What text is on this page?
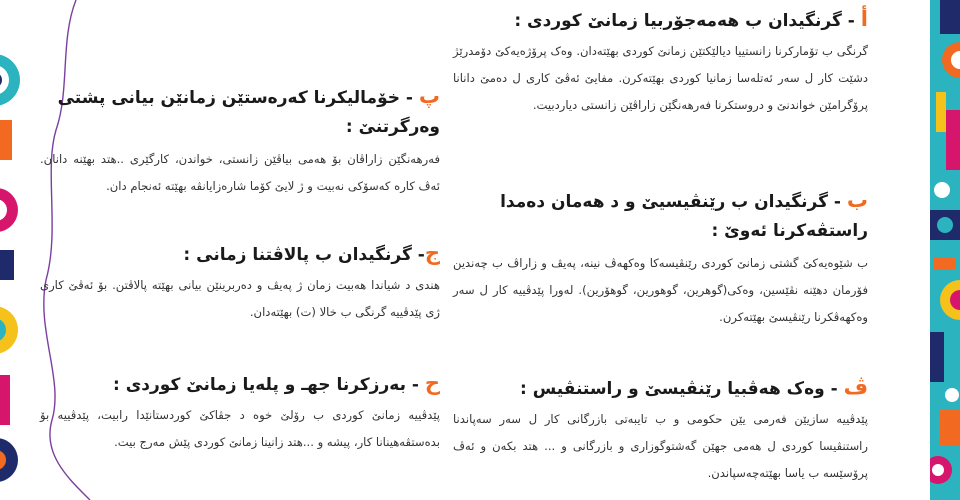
أ - گرنگیدان ب هەمەجۆربیا زمانێ کوردی :
گرنگی ب تۆمارکرنا زانستییا دیالێکتێن زمانێ کوردی بهێتەدان. وەک پرۆژەیەکێ دۆمدرێژ دشێت کار ل سەر ئەتلەسا زمانیا کوردی بهێتەکرن. مفایێ ئەڤێ کاری ل دەمێ دانانا پرۆگرامێن خواندنێ و دروستکرنا فەرهەنگێن زاراڤێن زانستی دیاردبیت.
ب - گرنگیدان ب رێنڤیسیێ و د هەمان دەمدا راستڤەکرنا ئەوێ :
ب شێوەیەکێ گشتی زمانێ کوردی رێنڤیسەکا وەکهەڤ نینە، پەیڤ و زاراڤ ب چەندین فۆرمان دهێنە نڤێسین، وەکی(گوهرین، گوهورین، گوهۆرین). لەورا پێدڤییە کار ل سەر وەکهەڤکرنا رێنڤیسێ بهێتەکرن.
ڤ - وەک هەڤبیا رێنڤیسێ و راستنڤیس :
پێدڤییە سازیێن فەرمی یێن حکومی و ب تایبەتی بازرگانی کار ل سەر سەپاندنا راستنڤیسا کوردی ل هەمی جهێن گەشتوگوزاری و بازرگانی و ... هتد بکەن و ئەڤ پرۆسێسە ب یاسا بهێتەچەسپاندن.
پ - خۆمالیکرنا کەرەستێن زمانێن بیانی پشتی وەرگرتنێ :
فەرهەنگێن زاراڤان بۆ هەمی بیاڤێن زانستی، خواندن، کارگێری ..هتد بهێنە دانان. ئەڤ کارە کەسۆکی نەبیت و ژ لایێ کۆما شارەزایانڤە بهێتە ئەنجام دان.
ج- گرنگیدان ب پالاڤتنا زمانی :
هندی د شیاندا هەبیت زمان ژ پەیڤ و دەربرینێن بیانی بهێتە پالاڤتن. بۆ ئەڤێ کاری ژی پێدڤییە گرنگی ب خالا (ت) بهێتەدان.
ح - بەرزکرنا جهـ و پلەیا زمانێ کوردی :
پێدڤییە زمانێ کوردی ب رۆلێ خوە د جڤاکێ کوردستانێدا رابیت، پێدڤییە بۆ بدەستڤەهینانا کار، پیشە و ...هتد زانینا زمانێ کوردی پێش مەرج بیت.
